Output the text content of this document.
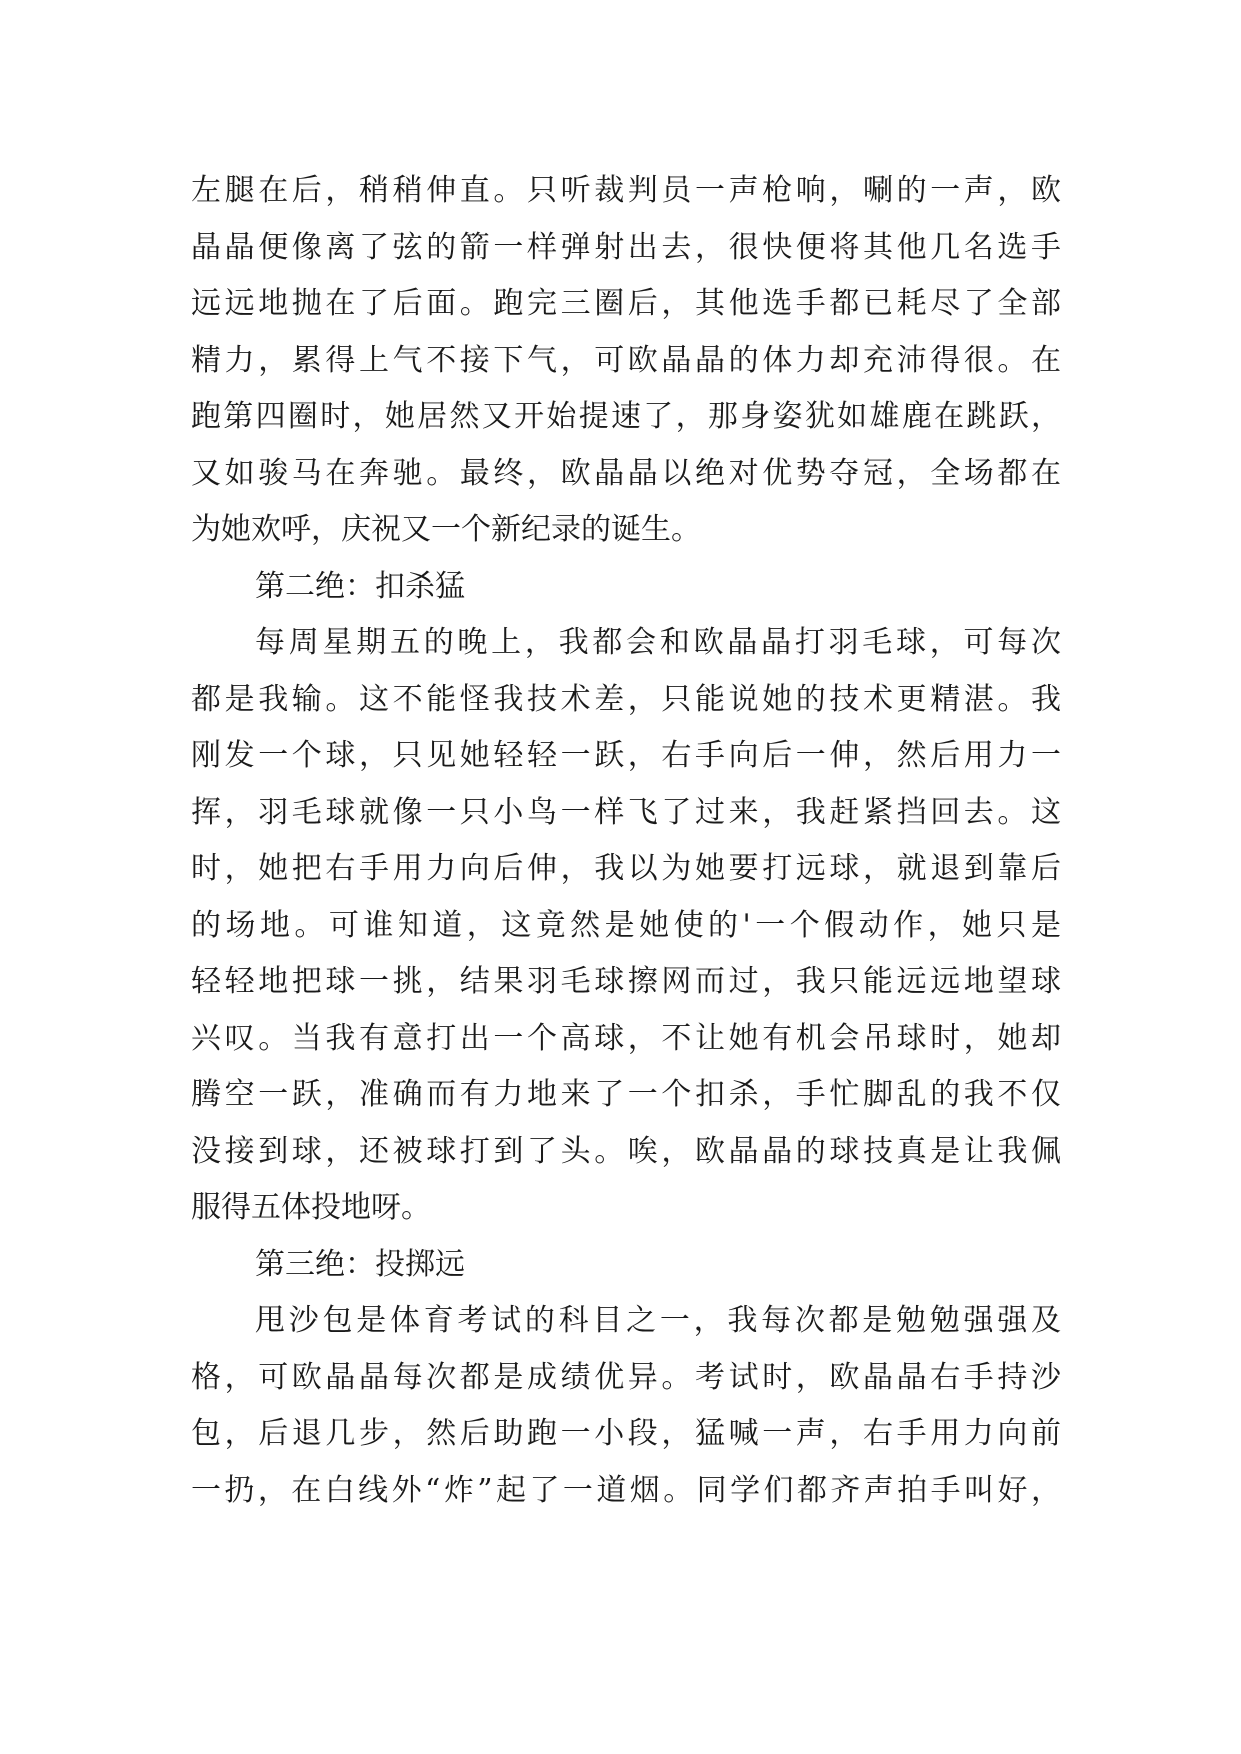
左腿在后，稍稍伸直。只听裁判员一声枪响，唰的一声，欧
晶晶便像离了弦的箭一样弹射出去，很快便将其他几名选手
远远地抛在了后面。跑完三圈后，其他选手都已耗尽了全部
精力，累得上气不接下气，可欧晶晶的体力却充沛得很。在
跑第四圈时，她居然又开始提速了，那身姿犹如雄鹿在跳跃，
又如骏马在奔驰。最终，欧晶晶以绝对优势夺冠，全场都在
为她欢呼，庆祝又一个新纪录的诞生。
第二绝：扣杀猛
每周星期五的晚上，我都会和欧晶晶打羽毛球，可每次
都是我输。这不能怪我技术差，只能说她的技术更精湛。我
刚发一个球，只见她轻轻一跃，右手向后一伸，然后用力一
挥，羽毛球就像一只小鸟一样飞了过来，我赶紧挡回去。这
时，她把右手用力向后伸，我以为她要打远球，就退到靠后
的场地。可谁知道，这竟然是她使的'一个假动作，她只是
轻轻地把球一挑，结果羽毛球擦网而过，我只能远远地望球
兴叹。当我有意打出一个高球，不让她有机会吊球时，她却
腾空一跃，准确而有力地来了一个扣杀，手忙脚乱的我不仅
没接到球，还被球打到了头。唉，欧晶晶的球技真是让我佩
服得五体投地呀。
第三绝：投掷远
甩沙包是体育考试的科目之一，我每次都是勉勉强强及
格，可欧晶晶每次都是成绩优异。考试时，欧晶晶右手持沙
包，后退几步，然后助跑一小段，猛喊一声，右手用力向前
一扔，在白线外“炸”起了一道烟。同学们都齐声拍手叫好，
